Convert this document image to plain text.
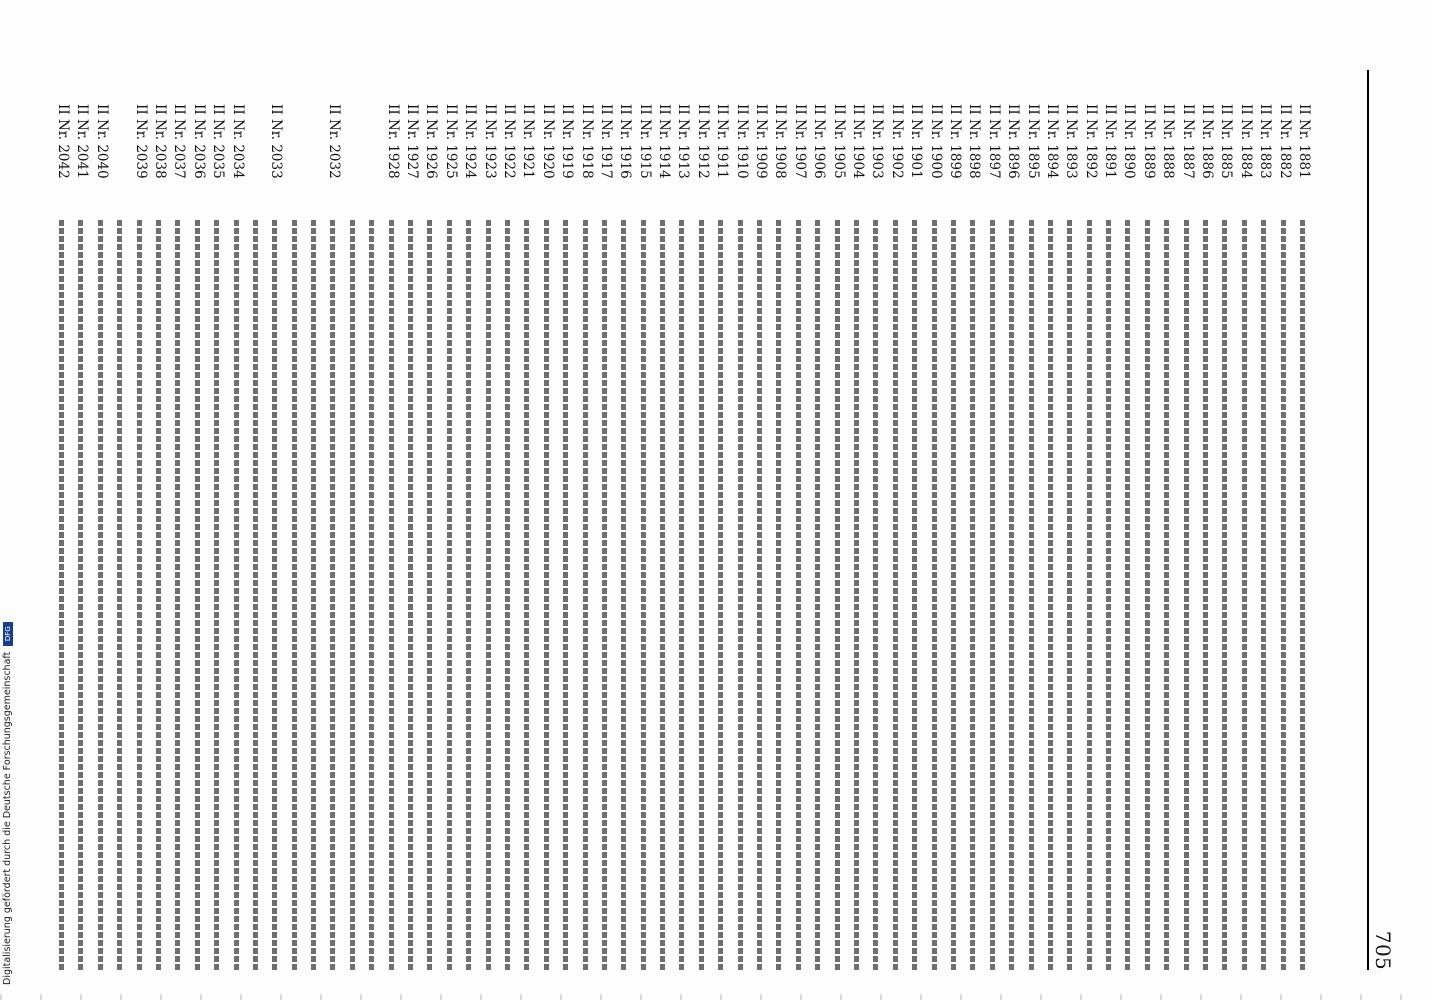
705
II Nr. 1881
II Nr. 1882
II Nr. 1883
II Nr. 1884
II Nr. 1885
II Nr. 1886
II Nr. 1887
II Nr. 1888
II Nr. 1889
II Nr. 1890
II Nr. 1891
II Nr. 1892
II Nr. 1893
II Nr. 1894
II Nr. 1895
II Nr. 1896
II Nr. 1897
II Nr. 1898
II Nr. 1899
II Nr. 1900
II Nr. 1901
II Nr. 1902
II Nr. 1903
II Nr. 1904
II Nr. 1905
II Nr. 1906
II Nr. 1907
II Nr. 1908
II Nr. 1909
II Nr. 1910
II Nr. 1911
II Nr. 1912
II Nr. 1913
II Nr. 1914
II Nr. 1915
II Nr. 1916
II Nr. 1917
II Nr. 1918
II Nr. 1919
II Nr. 1920
II Nr. 1921
II Nr. 1922
II Nr. 1923
II Nr. 1924
II Nr. 1925
II Nr. 1926
II Nr. 1927
II Nr. 1928
II Nr. 2032
II Nr. 2033
II Nr. 2034
II Nr. 2035
II Nr. 2036
II Nr. 2037
II Nr. 2038
II Nr. 2039
II Nr. 2040
II Nr. 2041
II Nr. 2042
Digitalisierung gefördert durch die Deutsche Forschungsgemeinschaft DFG
